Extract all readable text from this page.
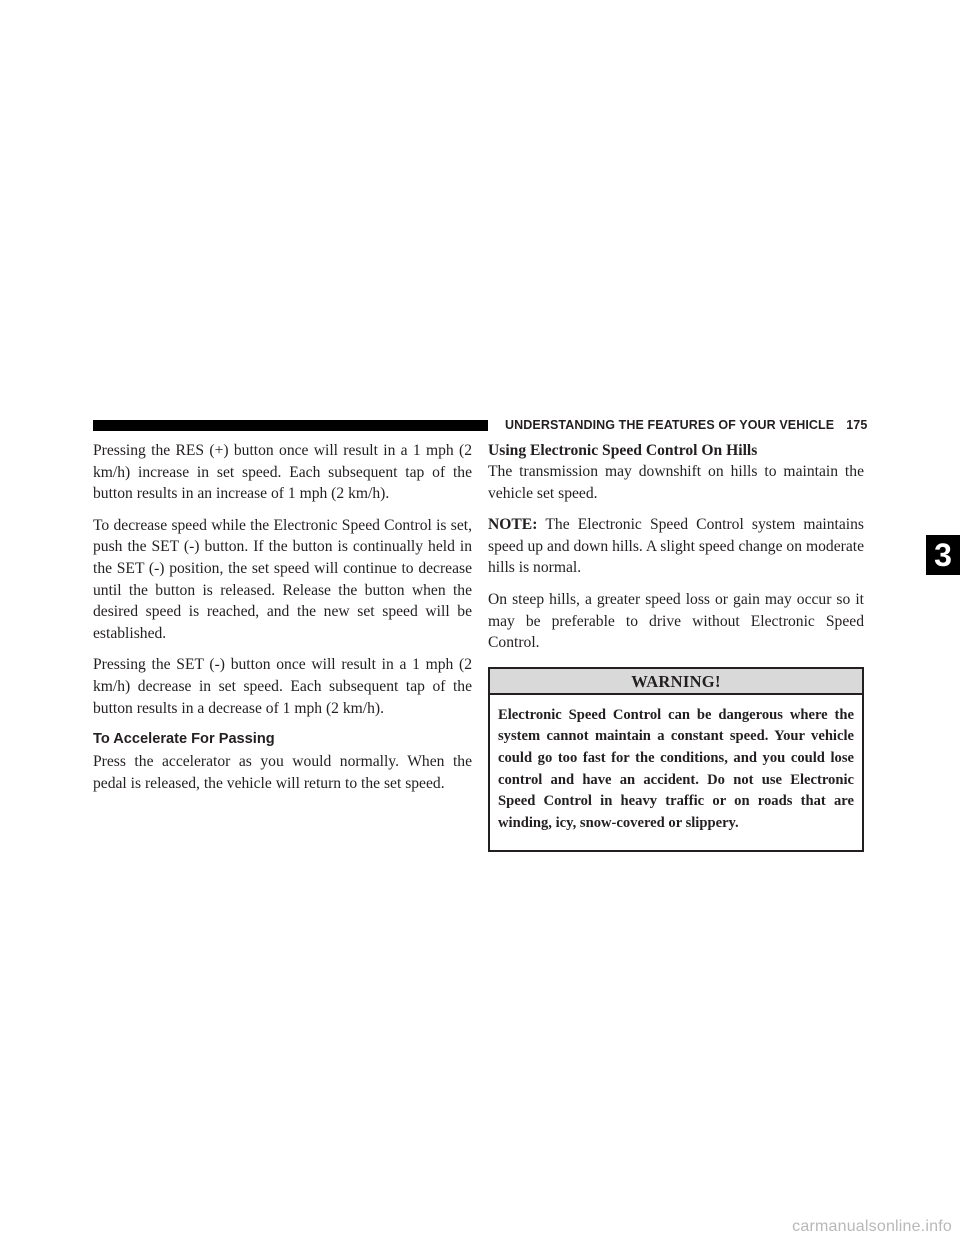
UNDERSTANDING THE FEATURES OF YOUR VEHICLE 175
3

Pressing the RES (+) button once will result in a 1 mph (2 km/h) increase in set speed. Each subsequent tap of the button results in an increase of 1 mph (2 km/h).

To decrease speed while the Electronic Speed Control is set, push the SET (-) button. If the button is continually held in the SET (-) position, the set speed will continue to decrease until the button is released. Release the button when the desired speed is reached, and the new set speed will be established.

Pressing the SET (-) button once will result in a 1 mph (2 km/h) decrease in set speed. Each subsequent tap of the button results in a decrease of 1 mph (2 km/h).

To Accelerate For Passing

Press the accelerator as you would normally. When the pedal is released, the vehicle will return to the set speed.

Using Electronic Speed Control On Hills

The transmission may downshift on hills to maintain the vehicle set speed.

NOTE: The Electronic Speed Control system maintains speed up and down hills. A slight speed change on moderate hills is normal.

On steep hills, a greater speed loss or gain may occur so it may be preferable to drive without Electronic Speed Control.

WARNING!
Electronic Speed Control can be dangerous where the system cannot maintain a constant speed. Your vehicle could go too fast for the conditions, and you could lose control and have an accident. Do not use Electronic Speed Control in heavy traffic or on roads that are winding, icy, snow-covered or slippery.
carmanualsonline.info
